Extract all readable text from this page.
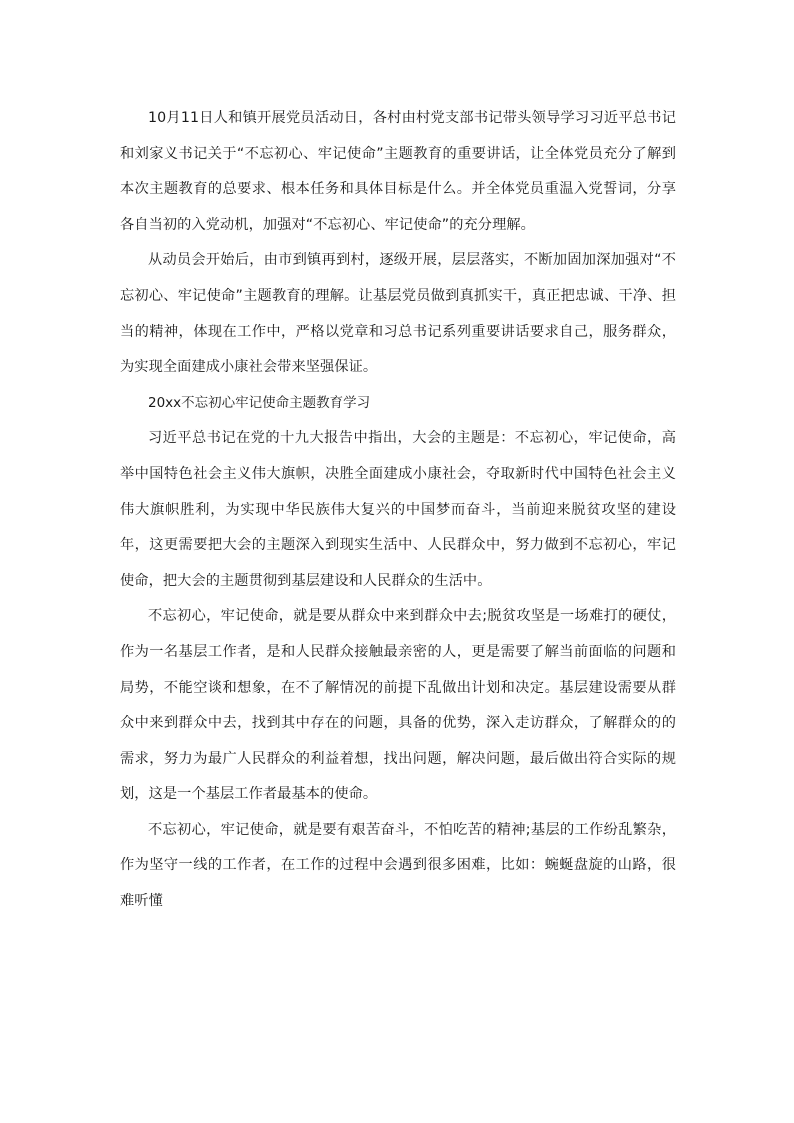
10月11日人和镇开展党员活动日，各村由村党支部书记带头领导学习习近平总书记和刘家义书记关于“不忘初心、牢记使命”主题教育的重要讲话，让全体党员充分了解到本次主题教育的总要求、根本任务和具体目标是什么。并全体党员重温入党誓词，分享各自当初的入党动机，加强对“不忘初心、牢记使命”的充分理解。

从动员会开始后，由市到镇再到村，逐级开展，层层落实，不断加固加深加强对“不忘初心、牢记使命”主题教育的理解。让基层党员做到真抓实干，真正把忠诚、干净、担当的精神，体现在工作中，严格以党章和习总书记系列重要讲话要求自己，服务群众，为实现全面建成小康社会带来坚强保证。

20xx不忘初心牢记使命主题教育学习

习近平总书记在党的十九大报告中指出，大会的主题是：不忘初心，牢记使命，高举中国特色社会主义伟大旗帜，决胜全面建成小康社会，夺取新时代中国特色社会主义伟大旗帜胜利，为实现中华民族伟大复兴的中国梦而奋斗，当前迎来脱贫攻坚的建设年，这更需要把大会的主题深入到现实生活中、人民群众中，努力做到不忘初心，牢记使命，把大会的主题贯彻到基层建设和人民群众的生活中。

不忘初心，牢记使命，就是要从群众中来到群众中去;脱贫攻坚是一场难打的硬仗，作为一名基层工作者，是和人民群众接触最亲密的人，更是需要了解当前面临的问题和局势，不能空谈和想象，在不了解情况的前提下乱做出计划和决定。基层建设需要从群众中来到群众中去，找到其中存在的问题，具备的优势，深入走访群众，了解群众的的需求，努力为最广人民群众的利益着想，找出问题，解决问题，最后做出符合实际的规划，这是一个基层工作者最基本的使命。

不忘初心，牢记使命，就是要有艰苦奋斗，不怕吃苦的精神;基层的工作纷乱繁杂，作为坚守一线的工作者，在工作的过程中会遇到很多困难，比如：蜿蜒盘旋的山路，很难听懂
